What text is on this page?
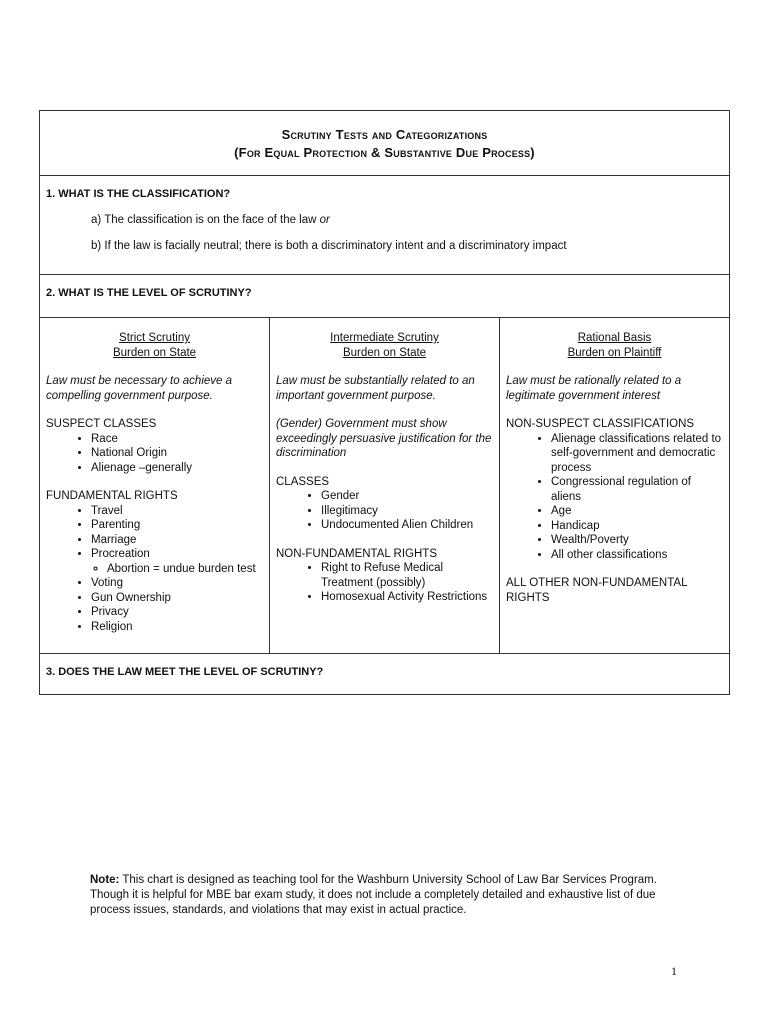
Scrutiny Tests and Categorizations
(For Equal Protection & Substantive Due Process)
1. WHAT IS THE CLASSIFICATION?
a) The classification is on the face of the law or
b) If the law is facially neutral; there is both a discriminatory intent and a discriminatory impact
2. WHAT IS THE LEVEL OF SCRUTINY?
Strict Scrutiny
Burden on State
Law must be necessary to achieve a compelling government purpose.
SUSPECT CLASSES
• Race
• National Origin
• Alienage –generally
FUNDAMENTAL RIGHTS
• Travel
• Parenting
• Marriage
• Procreation
◦ Abortion = undue burden test
• Voting
• Gun Ownership
• Privacy
• Religion
Intermediate Scrutiny
Burden on State
Law must be substantially related to an important government purpose.
(Gender) Government must show exceedingly persuasive justification for the discrimination
CLASSES
• Gender
• Illegitimacy
• Undocumented Alien Children
NON-FUNDAMENTAL RIGHTS
• Right to Refuse Medical Treatment (possibly)
• Homosexual Activity Restrictions
Rational Basis
Burden on Plaintiff
Law must be rationally related to a legitimate government interest
NON-SUSPECT CLASSIFICATIONS
• Alienage classifications related to self-government and democratic process
• Congressional regulation of aliens
• Age
• Handicap
• Wealth/Poverty
• All other classifications
ALL OTHER NON-FUNDAMENTAL RIGHTS
3. DOES THE LAW MEET THE LEVEL OF SCRUTINY?
Note: This chart is designed as teaching tool for the Washburn University School of Law Bar Services Program. Though it is helpful for MBE bar exam study, it does not include a completely detailed and exhaustive list of due process issues, standards, and violations that may exist in actual practice.
1
